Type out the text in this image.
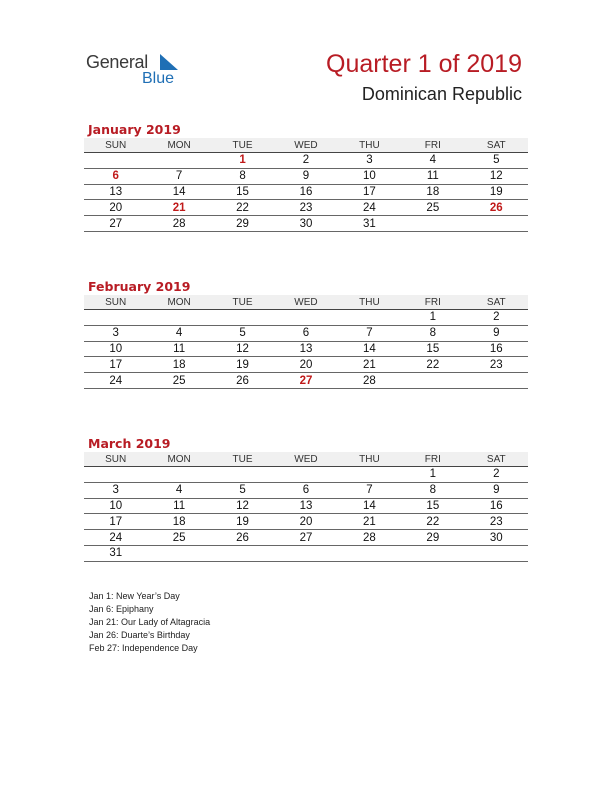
General
Blue
Quarter 1 of 2019
Dominican Republic
January 2019
SUN	MON	TUE	WED	THU	FRI	SAT
		1	2	3	4	5
6	7	8	9	10	11	12
13	14	15	16	17	18	19
20	21	22	23	24	25	26
27	28	29	30	31		
February 2019
SUN	MON	TUE	WED	THU	FRI	SAT
					1	2
3	4	5	6	7	8	9
10	11	12	13	14	15	16
17	18	19	20	21	22	23
24	25	26	27	28		
March 2019
SUN	MON	TUE	WED	THU	FRI	SAT
					1	2
3	4	5	6	7	8	9
10	11	12	13	14	15	16
17	18	19	20	21	22	23
24	25	26	27	28	29	30
31						
Jan 1: New Year’s Day
Jan 6: Epiphany
Jan 21: Our Lady of Altagracia
Jan 26: Duarte’s Birthday
Feb 27: Independence Day
